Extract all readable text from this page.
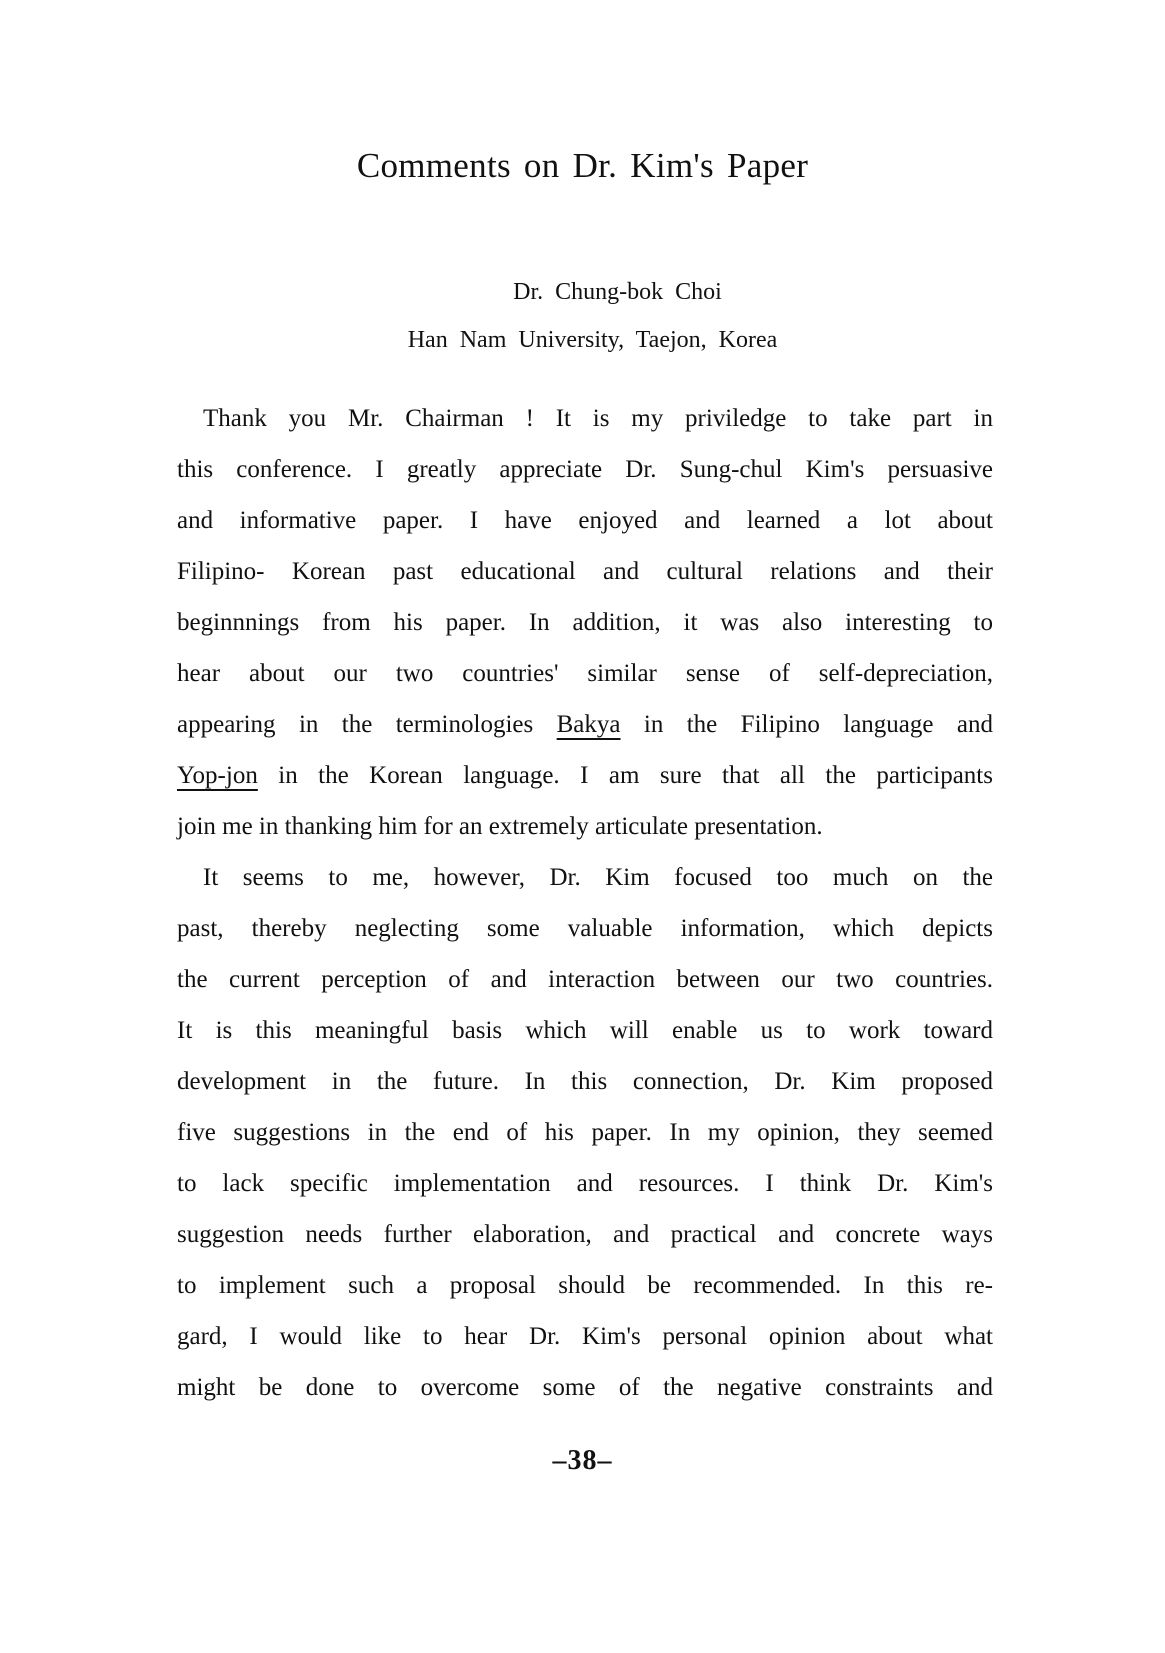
Comments on Dr. Kim's Paper
Dr. Chung-bok Choi
Han Nam University, Taejon, Korea
Thank you Mr. Chairman ! It is my priviledge to take part in
this conference. I greatly appreciate Dr. Sung-chul Kim's persuasive
and informative paper. I have enjoyed and learned a lot about
Filipino- Korean past educational and cultural relations and their
beginnnings from his paper. In addition, it was also interesting to
hear about our two countries' similar sense of self-depreciation,
appearing in the terminologies Bakya in the Filipino language and
Yop-jon in the Korean language. I am sure that all the participants
join me in thanking him for an extremely articulate presentation.
It seems to me, however, Dr. Kim focused too much on the
past, thereby neglecting some valuable information, which depicts
the current perception of and interaction between our two countries.
It is this meaningful basis which will enable us to work toward
development in the future. In this connection, Dr. Kim proposed
five suggestions in the end of his paper. In my opinion, they seemed
to lack specific implementation and resources. I think Dr. Kim's
suggestion needs further elaboration, and practical and concrete ways
to implement such a proposal should be recommended. In this re-
gard, I would like to hear Dr. Kim's personal opinion about what
might be done to overcome some of the negative constraints and
–38–
